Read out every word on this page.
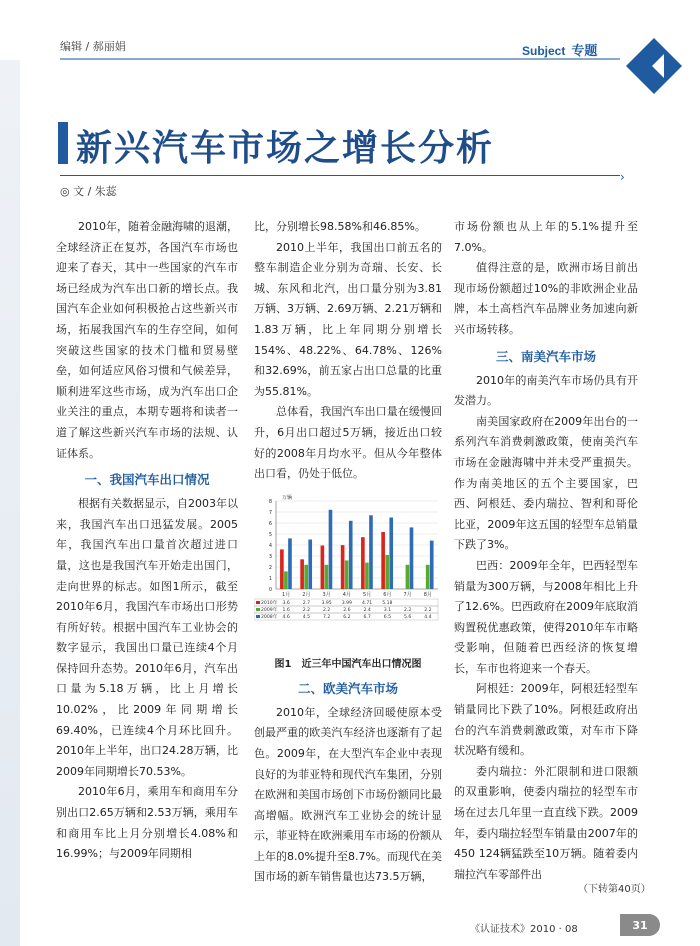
编辑 / 郝丽娟	Subject 专题
新兴汽车市场之增长分析
›
◎ 文 / 朱蕊

2010年，随着金融海啸的退潮，全球经济正在复苏，各国汽车市场也迎来了春天，其中一些国家的汽车市场已经成为汽车出口新的增长点。我国汽车企业如何积极抢占这些新兴市场，拓展我国汽车的生存空间，如何突破这些国家的技术门槛和贸易壁垒，如何适应风俗习惯和气候差异，顺利进军这些市场，成为汽车出口企业关注的重点，本期专题将和读者一道了解这些新兴汽车市场的法规、认证体系。

一、我国汽车出口情况

根据有关数据显示，自2003年以来，我国汽车出口迅猛发展。2005年，我国汽车出口量首次超过进口量，这也是我国汽车开始走出国门，走向世界的标志。如图1所示，截至2010年6月，我国汽车市场出口形势有所好转。根据中国汽车工业协会的数字显示，我国出口量已连续4个月保持回升态势。2010年6月，汽车出口量为5.18万辆，比上月增长10.02%，比2009年同期增长69.40%，已连续4个月环比回升。2010年上半年，出口24.28万辆，比2009年同期增长70.53%。

2010年6月，乘用车和商用车分别出口2.65万辆和2.53万辆，乘用车和商用车比上月分别增长4.08%和16.99%；与2009年同期相

比，分别增长98.58%和46.85%。

2010上半年，我国出口前五名的整车制造企业分别为奇瑞、长安、长城、东风和北汽，出口量分别为3.81万辆、3万辆、2.69万辆、2.21万辆和1.83万辆，比上年同期分别增长154%、48.22%、64.78%、126%和32.69%，前五家占出口总量的比重为55.81%。

总体看，我国汽车出口量在缓慢回升，6月出口超过5万辆，接近出口较好的2008年月均水平。但从今年整体出口看，仍处于低位。

万辆
0
1
2
3
4
5
6
7
8
1月 2月 3月 4月 5月 6月 7月 8月
2010年 3.6	2.7 3.95 3.99 4.71 5.18
2009年 1.6	2.2	2.2	2.6	2.4	3.1	2.2	2.2
2008年 4.6	4.5	7.2	6.2	6.7	6.5	5.6	4.4

图1　近三年中国汽车出口情况图

二、欧美汽车市场

2010年，全球经济回暖使原本受创最严重的欧美汽车经济也逐渐有了起色。2009年，在大型汽车企业中表现良好的为菲亚特和现代汽车集团，分别在欧洲和美国市场创下市场份额同比最高增幅。欧洲汽车工业协会的统计显示，菲亚特在欧洲乘用车市场的份额从上年的8.0%提升至8.7%。而现代在美国市场的新车销售量也达73.5万辆，

市场份额也从上年的5.1%提升至7.0%。

值得注意的是，欧洲市场目前出现市场份额超过10%的非欧洲企业品牌，本土高档汽车品牌业务加速向新兴市场转移。

三、南美汽车市场

2010年的南美汽车市场仍具有开发潜力。

南美国家政府在2009年出台的一系列汽车消费刺激政策，使南美汽车市场在金融海啸中并未受严重损失。作为南美地区的五个主要国家，巴西、阿根廷、委内瑞拉、智利和哥伦比亚，2009年这五国的轻型车总销量下跌了3%。

巴西：2009年全年，巴西轻型车销量为300万辆，与2008年相比上升了12.6%。巴西政府在2009年底取消购置税优惠政策，使得2010年车市略受影响，但随着巴西经济的恢复增长，车市也将迎来一个春天。

阿根廷：2009年，阿根廷轻型车销量同比下跌了10%。阿根廷政府出台的汽车消费刺激政策，对车市下降状况略有缓和。

委内瑞拉：外汇限制和进口限额的双重影响，使委内瑞拉的轻型车市场在过去几年里一直直线下跌。2009年，委内瑞拉轻型车销量由2007年的450 124辆猛跌至10万辆。随着委内瑞拉汽车零部件出

（下转第40页）
《认证技术》2010 · 08	31
